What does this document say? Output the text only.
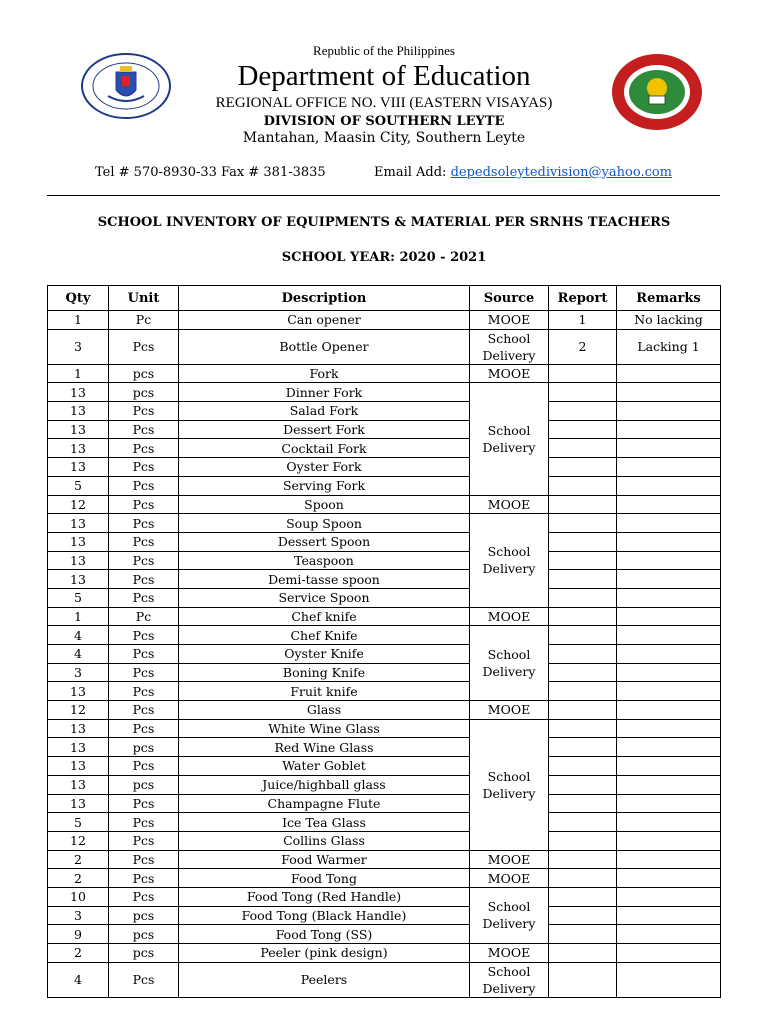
Republic of the Philippines
Department of Education
REGIONAL OFFICE NO. VIII (EASTERN VISAYAS)
DIVISION OF SOUTHERN LEYTE
Mantahan, Maasin City, Southern Leyte
Tel # 570-8930-33 Fax # 381-3835	Email Add: depedsoleytedivision@yahoo.com
SCHOOL INVENTORY OF EQUIPMENTS & MATERIAL PER SRNHS TEACHERS
SCHOOL YEAR: 2020 - 2021
Qty	Unit	Description	Source	Report	Remarks
1	Pc	Can opener	MOOE	1	No lacking
3	Pcs	Bottle Opener	School Delivery	2	Lacking 1
1	pcs	Fork	MOOE		
13	pcs	Dinner Fork	School Delivery		
13	Pcs	Salad Fork			
13	Pcs	Dessert Fork			
13	Pcs	Cocktail Fork			
13	Pcs	Oyster Fork			
5	Pcs	Serving Fork			
12	Pcs	Spoon	MOOE		
13	Pcs	Soup Spoon	School Delivery		
13	Pcs	Dessert Spoon			
13	Pcs	Teaspoon			
13	Pcs	Demi-tasse spoon			
5	Pcs	Service Spoon			
1	Pc	Chef knife	MOOE		
4	Pcs	Chef Knife	School Delivery		
4	Pcs	Oyster Knife			
3	Pcs	Boning Knife			
13	Pcs	Fruit knife			
12	Pcs	Glass	MOOE		
13	Pcs	White Wine Glass	School Delivery		
13	pcs	Red Wine Glass			
13	Pcs	Water Goblet			
13	pcs	Juice/highball glass			
13	Pcs	Champagne Flute			
5	Pcs	Ice Tea Glass			
12	Pcs	Collins Glass			
2	Pcs	Food Warmer	MOOE		
2	Pcs	Food Tong	MOOE		
10	Pcs	Food Tong (Red Handle)	School Delivery		
3	pcs	Food Tong (Black Handle)			
9	pcs	Food Tong (SS)			
2	pcs	Peeler (pink design)	MOOE		
4	Pcs	Peelers	School Delivery		
